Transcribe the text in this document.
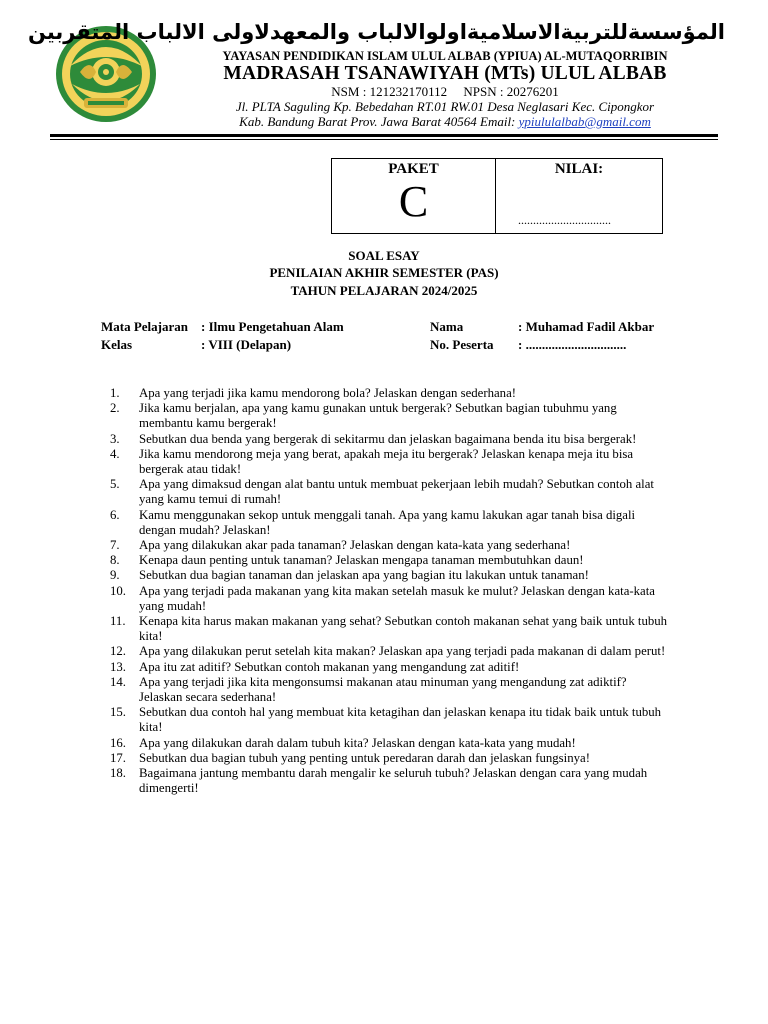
المؤسسةللتربيةالاسلاميةاولوالالباب والمعهدلاولى الالباب المتقربين
YAYASAN PENDIDIKAN ISLAM ULUL ALBAB (YPIUA) AL-MUTAQORRIBIN
MADRASAH TSANAWIYAH (MTs) ULUL ALBAB
NSM : 121232170112     NPSN : 20276201
Jl. PLTA Saguling Kp. Bebedahan RT.01 RW.01 Desa Neglasari Kec. Cipongkor
Kab. Bandung Barat Prov. Jawa Barat 40564 Email: ypiululalbab@gmail.com
PAKET
C
NILAI:
...............................
SOAL ESAY
PENILAIAN AKHIR SEMESTER (PAS)
TAHUN PELAJARAN 2024/2025
Mata Pelajaran : Ilmu Pengetahuan Alam
Kelas	: VIII (Delapan)
Nama	: Muhamad Fadil Akbar
No. Peserta : ...............................
1.	Apa yang terjadi jika kamu mendorong bola? Jelaskan dengan sederhana!
2.	Jika kamu berjalan, apa yang kamu gunakan untuk bergerak? Sebutkan bagian tubuhmu yang membantu kamu bergerak!
3.	Sebutkan dua benda yang bergerak di sekitarmu dan jelaskan bagaimana benda itu bisa bergerak!
4.	Jika kamu mendorong meja yang berat, apakah meja itu bergerak? Jelaskan kenapa meja itu bisa bergerak atau tidak!
5.	Apa yang dimaksud dengan alat bantu untuk membuat pekerjaan lebih mudah? Sebutkan contoh alat yang kamu temui di rumah!
6.	Kamu menggunakan sekop untuk menggali tanah. Apa yang kamu lakukan agar tanah bisa digali dengan mudah? Jelaskan!
7.	Apa yang dilakukan akar pada tanaman? Jelaskan dengan kata-kata yang sederhana!
8.	Kenapa daun penting untuk tanaman? Jelaskan mengapa tanaman membutuhkan daun!
9.	Sebutkan dua bagian tanaman dan jelaskan apa yang bagian itu lakukan untuk tanaman!
10.	Apa yang terjadi pada makanan yang kita makan setelah masuk ke mulut? Jelaskan dengan kata-kata yang mudah!
11.	Kenapa kita harus makan makanan yang sehat? Sebutkan contoh makanan sehat yang baik untuk tubuh kita!
12.	Apa yang dilakukan perut setelah kita makan? Jelaskan apa yang terjadi pada makanan di dalam perut!
13.	Apa itu zat aditif? Sebutkan contoh makanan yang mengandung zat aditif!
14.	Apa yang terjadi jika kita mengonsumsi makanan atau minuman yang mengandung zat adiktif? Jelaskan secara sederhana!
15.	Sebutkan dua contoh hal yang membuat kita ketagihan dan jelaskan kenapa itu tidak baik untuk tubuh kita!
16.	Apa yang dilakukan darah dalam tubuh kita? Jelaskan dengan kata-kata yang mudah!
17.	Sebutkan dua bagian tubuh yang penting untuk peredaran darah dan jelaskan fungsinya!
18.	Bagaimana jantung membantu darah mengalir ke seluruh tubuh? Jelaskan dengan cara yang mudah dimengerti!
